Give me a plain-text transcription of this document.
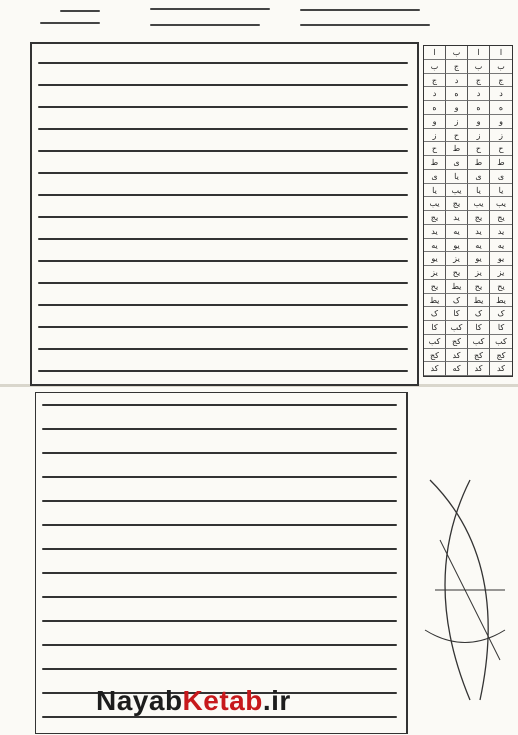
ا	ب	ا	ا
ب	ج	ب	ب
ج	د	ج	ج
د	ه	د	د
ه	و	ه	ه
و	ز	و	و
ز	ح	ز	ز
ح	ط	ح	ح
ط	ی	ط	ط
ی	یا	ی	ی
یا	یب	یا	یا
یب	یج	یب	یب
یج	ید	یج	یج
ید	یه	ید	ید
یه	یو	یه	یه
یو	یز	یو	یو
یز	یح	یز	یز
یح	یط	یح	یح
یط	ک	یط	یط
ک	کا	ک	ک
کا	کب	کا	کا
کب	کج	کب	کب
کج	کد	کج	کج
کد	که	کد	کد
NayabKetab.ir
